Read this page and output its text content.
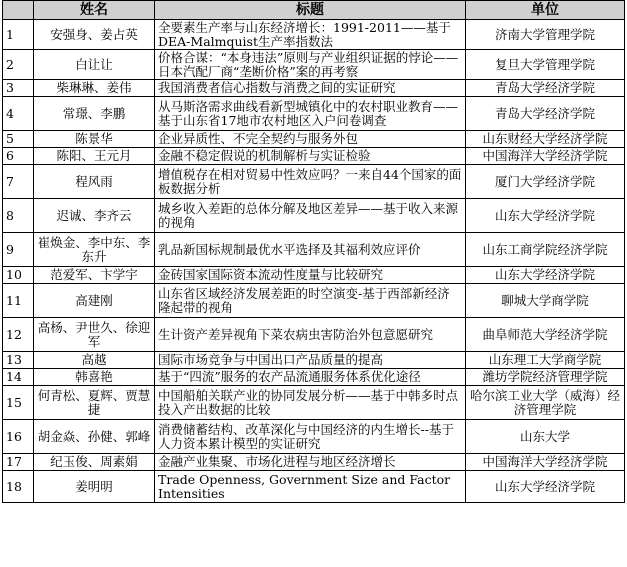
	姓名	标题	单位
1	安强身、姜占英	全要素生产率与山东经济增长：1991-2011——基于DEA-Malmquist生产率指数法	济南大学管理学院
2	白让让	价格合谋：“本身违法”原则与产业组织证据的悖论——日本汽配厂商“垄断价格”案的再考察	复旦大学管理学院
3	柴琳琳、姜伟	我国消费者信心指数与消费之间的实证研究	青岛大学经济学院
4	常璟、李鹏	从马斯洛需求曲线看新型城镇化中的农村职业教育——基于山东省17地市农村地区入户问卷调查	青岛大学经济学院
5	陈景华	企业异质性、不完全契约与服务外包	山东财经大学经济学院
6	陈阳、王元月	金融不稳定假说的机制解析与实证检验	中国海洋大学经济学院
7	程风雨	增值税存在相对贸易中性效应吗？一来自44个国家的面板数据分析	厦门大学经济学院
8	迟诚、李齐云	城乡收入差距的总体分解及地区差异——基于收入来源的视角	山东大学经济学院
9	崔焕金、李中东、李东升	乳品新国标规制最优水平选择及其福利效应评价	山东工商学院经济学院
10	范爱军、卞学宇	金砖国家国际资本流动性度量与比较研究	山东大学经济学院
11	高建刚	山东省区域经济发展差距的时空演变-基于西部新经济隆起带的视角	聊城大学商学院
12	高杨、尹世久、徐迎军	生计资产差异视角下菜农病虫害防治外包意愿研究	曲阜师范大学经济学院
13	高越	国际市场竞争与中国出口产品质量的提高	山东理工大学商学院
14	韩喜艳	基于“四流”服务的农产品流通服务体系优化途径	潍坊学院经济管理学院
15	何青松、夏辉、贾慧捷	中国船舶关联产业的协同发展分析——基于中韩多时点投入产出数据的比较	哈尔滨工业大学（威海）经济管理学院
16	胡金焱、孙健、郭峰	消费储蓄结构、改革深化与中国经济的内生增长--基于人力资本累计模型的实证研究	山东大学
17	纪玉俊、周素娟	金融产业集聚、市场化进程与地区经济增长	中国海洋大学经济学院
18	姜明明	Trade Openness, Government Size and Factor Intensities	山东大学经济学院
